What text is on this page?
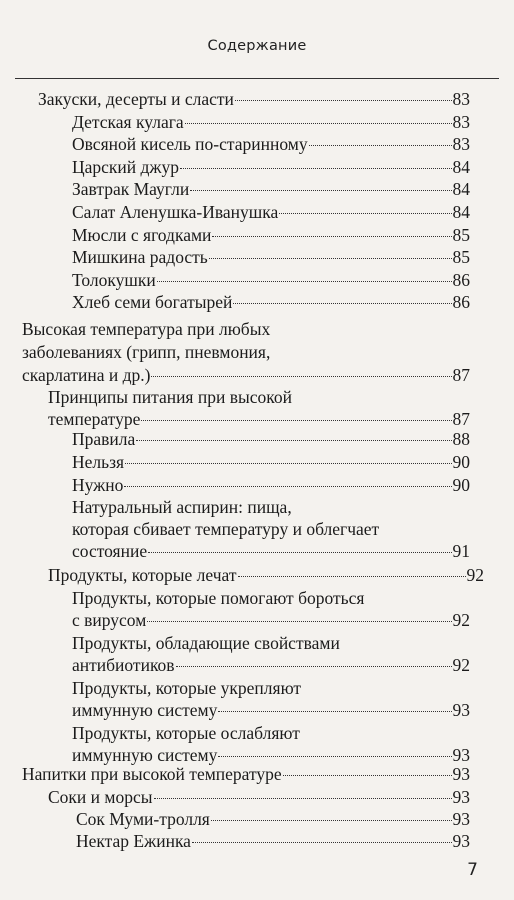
Содержание
Закуски, десерты и сласти	83
Детская кулага	83
Овсяной кисель по-старинному	83
Царский джур	84
Завтрак Маугли	84
Салат Аленушка-Иванушка	84
Мюсли с ягодками	85
Мишкина радость	85
Толокушки	86
Хлеб семи богатырей	86
Высокая температура при любых
заболеваниях (грипп, пневмония,
скарлатина и др.)	87
Принципы питания при высокой
температуре	87
Правила	88
Нельзя	90
Нужно	90
Натуральный аспирин: пища,
которая сбивает температуру и облегчает
состояние	91
Продукты, которые лечат	92
Продукты, которые помогают бороться
с вирусом	92
Продукты, обладающие свойствами
антибиотиков	92
Продукты, которые укрепляют
иммунную систему	93
Продукты, которые ослабляют
иммунную систему	93
Напитки при высокой температуре	93
Соки и морсы	93
Сок Муми-тролля	93
Нектар Ежинка	93
7
